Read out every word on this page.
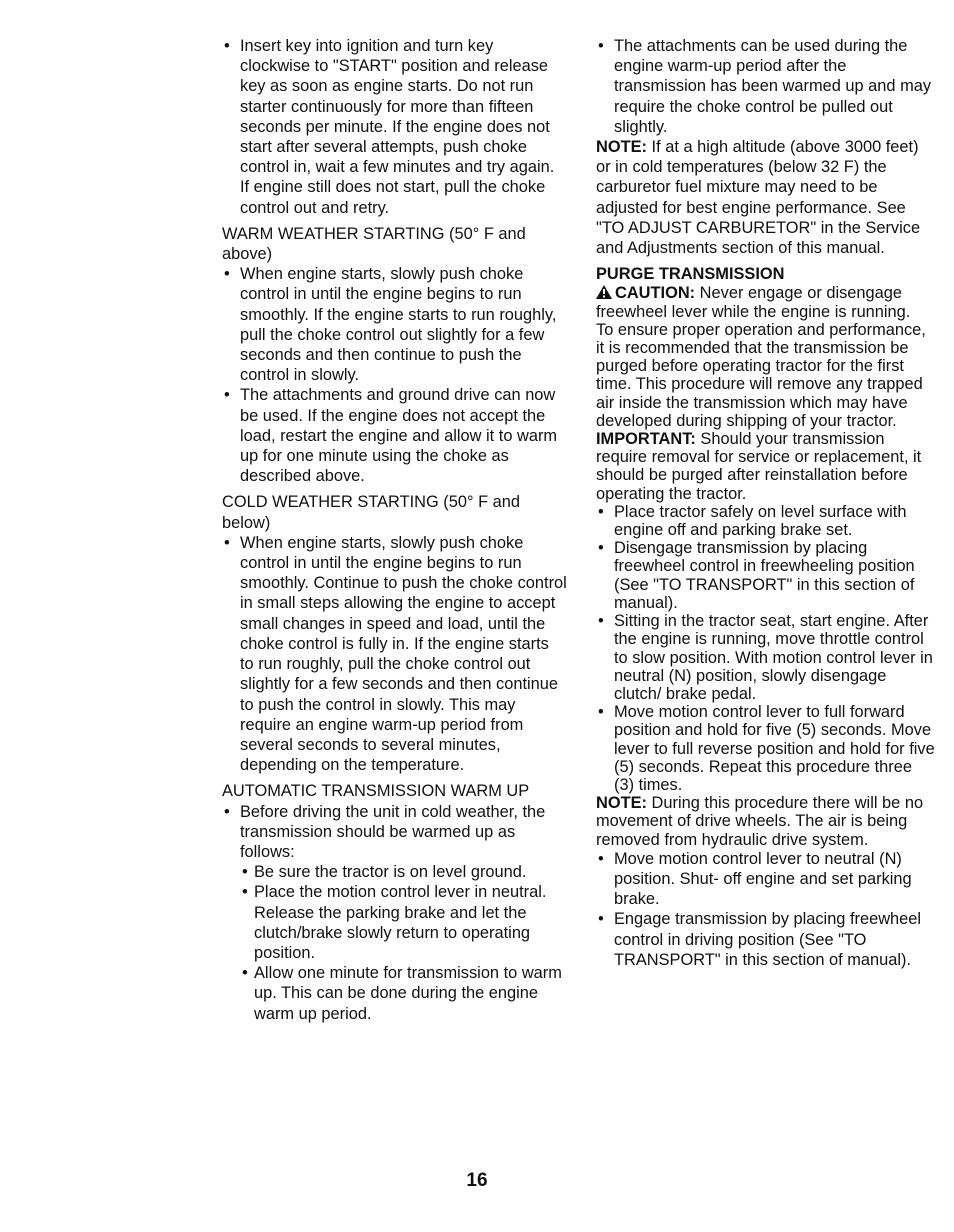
• Insert key into ignition and turn key clockwise to "START" position and release key as soon as engine starts. Do not run starter continuously for more than fifteen seconds per minute. If the engine does not start after several attempts, push choke control in, wait a few minutes and try again. If engine still does not start, pull the choke control out and retry.
WARM WEATHER STARTING (50° F and above)
• When engine starts, slowly push choke control in until the engine begins to run smoothly. If the engine starts to run roughly, pull the choke control out slightly for a few seconds and then continue to push the control in slowly.
• The attachments and ground drive can now be used. If the engine does not accept the load, restart the engine and allow it to warm up for one minute using the choke as described above.
COLD WEATHER STARTING (50° F and below)
• When engine starts, slowly push choke control in until the engine begins to run smoothly. Continue to push the choke control in small steps allowing the engine to accept small changes in speed and load, until the choke control is fully in. If the engine starts to run roughly, pull the choke control out slightly for a few seconds and then continue to push the control in slowly. This may require an engine warm-up period from several seconds to several minutes, depending on the temperature.
AUTOMATIC TRANSMISSION WARM UP
• Before driving the unit in cold weather, the transmission should be warmed up as follows:
• Be sure the tractor is on level ground.
• Place the motion control lever in neutral. Release the parking brake and let the clutch/brake slowly return to operating position.
• Allow one minute for transmission to warm up. This can be done during the engine warm up period.
• The attachments can be used during the engine warm-up period after the transmission has been warmed up and may require the choke control be pulled out slightly.
NOTE: If at a high altitude (above 3000 feet) or in cold temperatures (below 32 F) the carburetor fuel mixture may need to be adjusted for best engine performance. See "TO ADJUST CARBURETOR" in the Service and Adjustments section of this manual.
PURGE TRANSMISSION
CAUTION: Never engage or disengage freewheel lever while the engine is running.
To ensure proper operation and performance, it is recommended that the transmission be purged before operating tractor for the first time. This procedure will remove any trapped air inside the transmission which may have developed during shipping of your tractor.
IMPORTANT: Should your transmission require removal for service or replacement, it should be purged after reinstallation before operating the tractor.
• Place tractor safely on level surface with engine off and parking brake set.
• Disengage transmission by placing freewheel control in freewheeling position (See "TO TRANSPORT" in this section of manual).
• Sitting in the tractor seat, start engine. After the engine is running, move throttle control to slow position. With motion control lever in neutral (N) position, slowly disengage clutch/ brake pedal.
• Move motion control lever to full forward position and hold for five (5) seconds. Move lever to full reverse position and hold for five (5) seconds. Repeat this procedure three (3) times.
NOTE: During this procedure there will be no movement of drive wheels. The air is being removed from hydraulic drive system.
• Move motion control lever to neutral (N) position. Shut- off engine and set parking brake.
• Engage transmission by placing freewheel control in driving position (See "TO TRANSPORT" in this section of manual).
16
